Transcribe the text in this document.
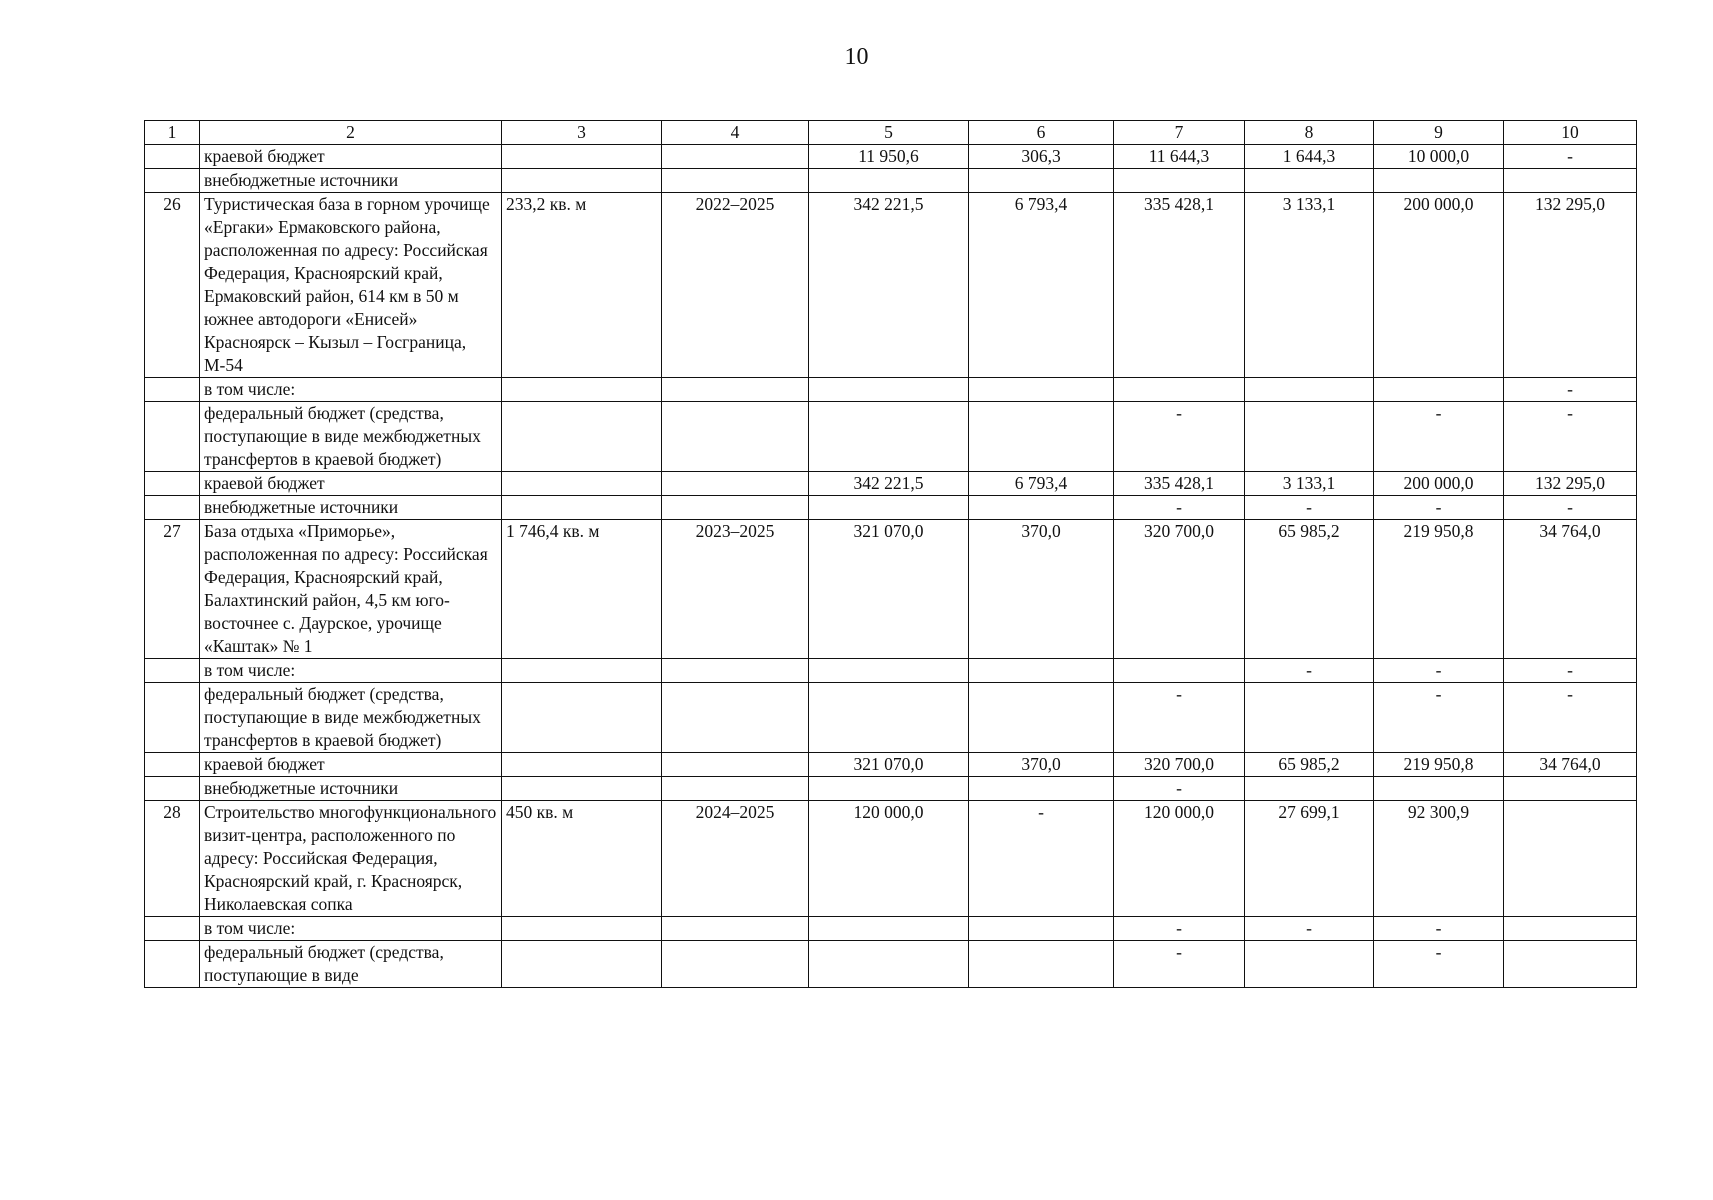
10
1	2	3	4	5	6	7	8	9	10
	краевой бюджет			11 950,6	306,3	11 644,3	1 644,3	10 000,0	-
	внебюджетные источники								
26	Туристическая база в горном урочище «Ергаки» Ермаковского района, расположенная по адресу: Российская Федерация, Красноярский край, Ермаковский район, 614 км в 50 м южнее автодороги «Енисей» Красноярск – Кызыл – Госграница, М-54	233,2 кв. м	2022–2025	342 221,5	6 793,4	335 428,1	3 133,1	200 000,0	132 295,0
	в том числе:								-
	федеральный бюджет (средства, поступающие в виде межбюджетных трансфертов в краевой бюджет)					-		-	-
	краевой бюджет			342 221,5	6 793,4	335 428,1	3 133,1	200 000,0	132 295,0
	внебюджетные источники					-	-	-	-
27	База отдыха «Приморье», расположенная по адресу: Российская Федерация, Красноярский край, Балахтинский район, 4,5 км юго-восточнее с. Даурское, урочище «Каштак» № 1	1 746,4 кв. м	2023–2025	321 070,0	370,0	320 700,0	65 985,2	219 950,8	34 764,0
	в том числе:						-	-	-
	федеральный бюджет (средства, поступающие в виде межбюджетных трансфертов в краевой бюджет)					-		-	-
	краевой бюджет			321 070,0	370,0	320 700,0	65 985,2	219 950,8	34 764,0
	внебюджетные источники					-			
28	Строительство многофункционального визит-центра, расположенного по адресу: Российская Федерация, Красноярский край, г. Красноярск, Николаевская сопка	450 кв. м	2024–2025	120 000,0	-	120 000,0	27 699,1	92 300,9	
	в том числе:					-	-	-	
	федеральный бюджет (средства, поступающие в виде					-		-	
